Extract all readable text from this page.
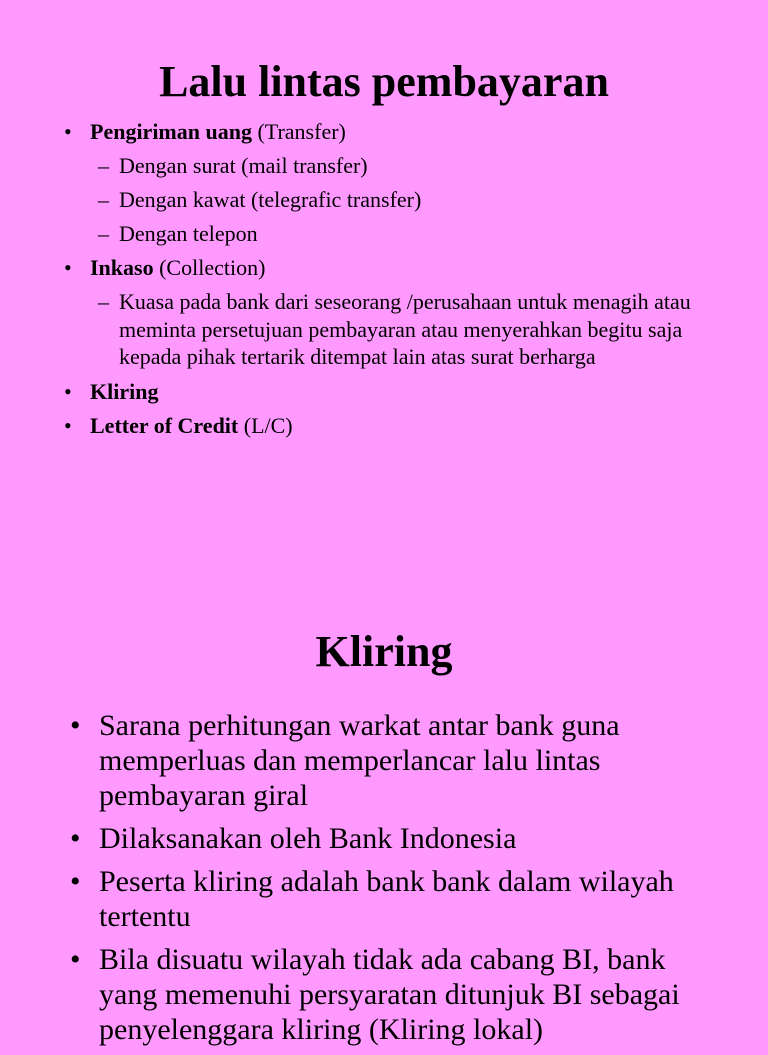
Lalu lintas pembayaran
• Pengiriman uang (Transfer)
– Dengan surat (mail transfer)
– Dengan kawat (telegrafic transfer)
– Dengan telepon
• Inkaso (Collection)
– Kuasa pada bank dari seseorang /perusahaan untuk menagih atau meminta persetujuan pembayaran atau menyerahkan begitu saja kepada pihak tertarik ditempat lain atas surat berharga
• Kliring
• Letter of Credit (L/C)
Kliring
• Sarana perhitungan warkat antar bank guna memperluas dan memperlancar lalu lintas pembayaran giral
• Dilaksanakan oleh Bank Indonesia
• Peserta kliring adalah bank bank dalam wilayah tertentu
• Bila disuatu wilayah tidak ada cabang BI, bank yang memenuhi persyaratan ditunjuk BI sebagai penyelenggara kliring (Kliring lokal)
